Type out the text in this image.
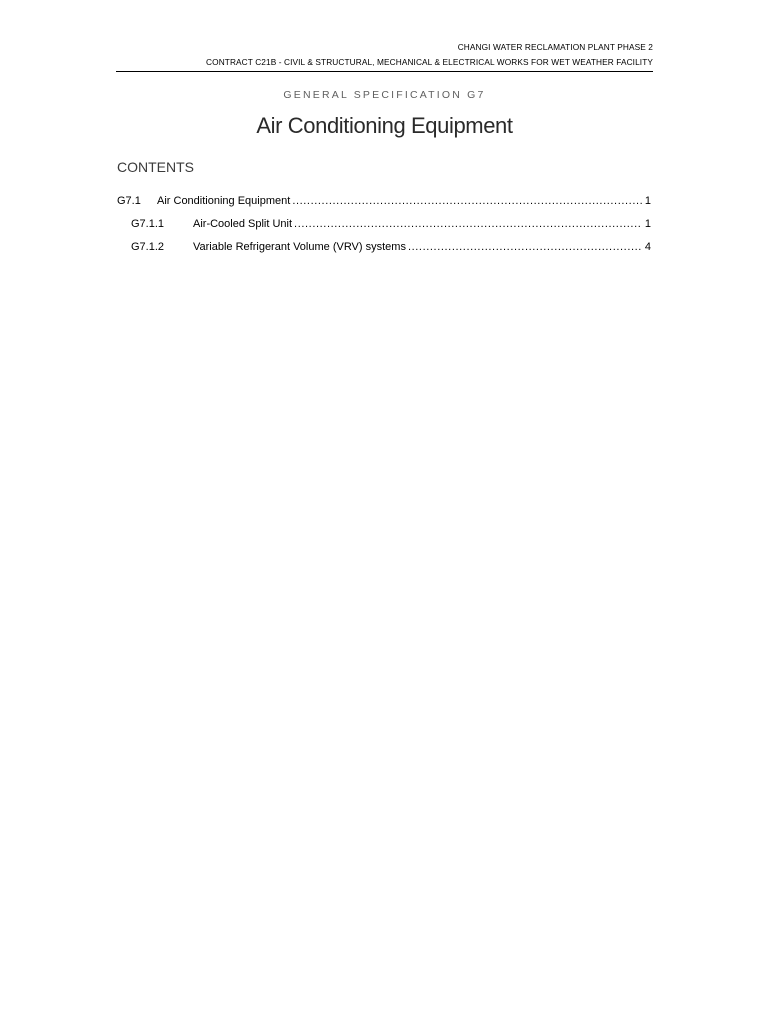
CHANGI WATER RECLAMATION PLANT PHASE 2
CONTRACT C21B - CIVIL & STRUCTURAL, MECHANICAL & ELECTRICAL WORKS FOR WET WEATHER FACILITY
GENERAL SPECIFICATION G7
Air Conditioning Equipment
CONTENTS
G7.1	Air Conditioning Equipment .....	1
G7.1.1	Air-Cooled Split Unit .....	1
G7.1.2	Variable Refrigerant Volume (VRV) systems .....	4
